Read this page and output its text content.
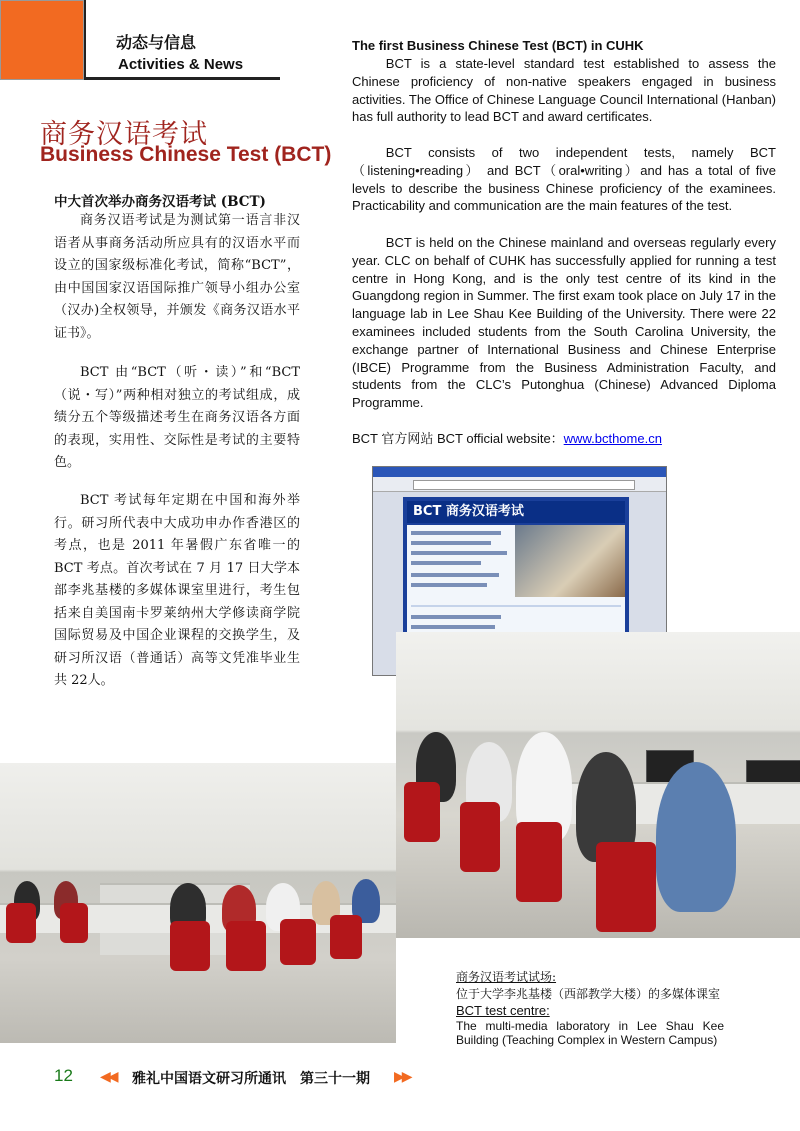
动态与信息
Activities & News
商务汉语考试
Business Chinese Test (BCT)
中大首次举办商务汉语考试 (BCT)

商务汉语考试是为测试第一语言非汉语者从事商务活动所应具有的汉语水平而设立的国家级标准化考试，简称“BCT”，由中国国家汉语国际推广领导小组办公室（汉办)全权领导，并颁发《商务汉语水平证书》。

BCT 由“BCT（听・读）”和“BCT（说・写）”两种相对独立的考试组成，成绩分五个等级描述考生在商务汉语各方面的表现，实用性、交际性是考试的主要特色。

BCT 考试每年定期在中国和海外举行。研习所代表中大成功申办作香港区的考点，也是 2011 年暑假广东省唯一的 BCT 考点。首次考试在 7 月 17 日大学本部李兆基楼的多媒体课室里进行，考生包括来自美国南卡罗莱纳州大学修读商学院国际贸易及中国企业课程的交换学生，及研习所汉语（普通话）高等文凭准毕业生共 22人。

The first Business Chinese Test (BCT) in CUHK

BCT is a state-level standard test established to assess the Chinese proficiency of non-native speakers engaged in business activities. The Office of Chinese Language Council International (Hanban) has full authority to lead BCT and award certificates.

BCT consists of two independent tests, namely BCT（listening•reading） and BCT（oral•writing）and has a total of five levels to describe the business Chinese proficiency of the examinees. Practicability and communication are the main features of the test.

BCT is held on the Chinese mainland and overseas regularly every year. CLC on behalf of CUHK has successfully applied for running a test centre in Hong Kong, and is the only test centre of its kind in the Guangdong region in Summer. The first exam took place on July 17 in the language lab in Lee Shau Kee Building of the University. There were 22 examinees included students from the South Carolina University, the exchange partner of International Business and Chinese Enterprise (IBCE) Programme from the Business Administration Faculty, and students from the CLC’s Putonghua (Chinese) Advanced Diploma Programme.

BCT 官方网站 BCT official website：www.bcthome.cn
BCT 商务汉语考试
商务汉语考试试场:
位于大学李兆基楼（西部教学大楼）的多媒体课室
BCT test centre:
The multi-media laboratory in Lee Shau Kee Building (Teaching Complex in Western Campus)
12 ◀◀ 雅礼中国语文研习所通讯　第三十一期 ▶▶
